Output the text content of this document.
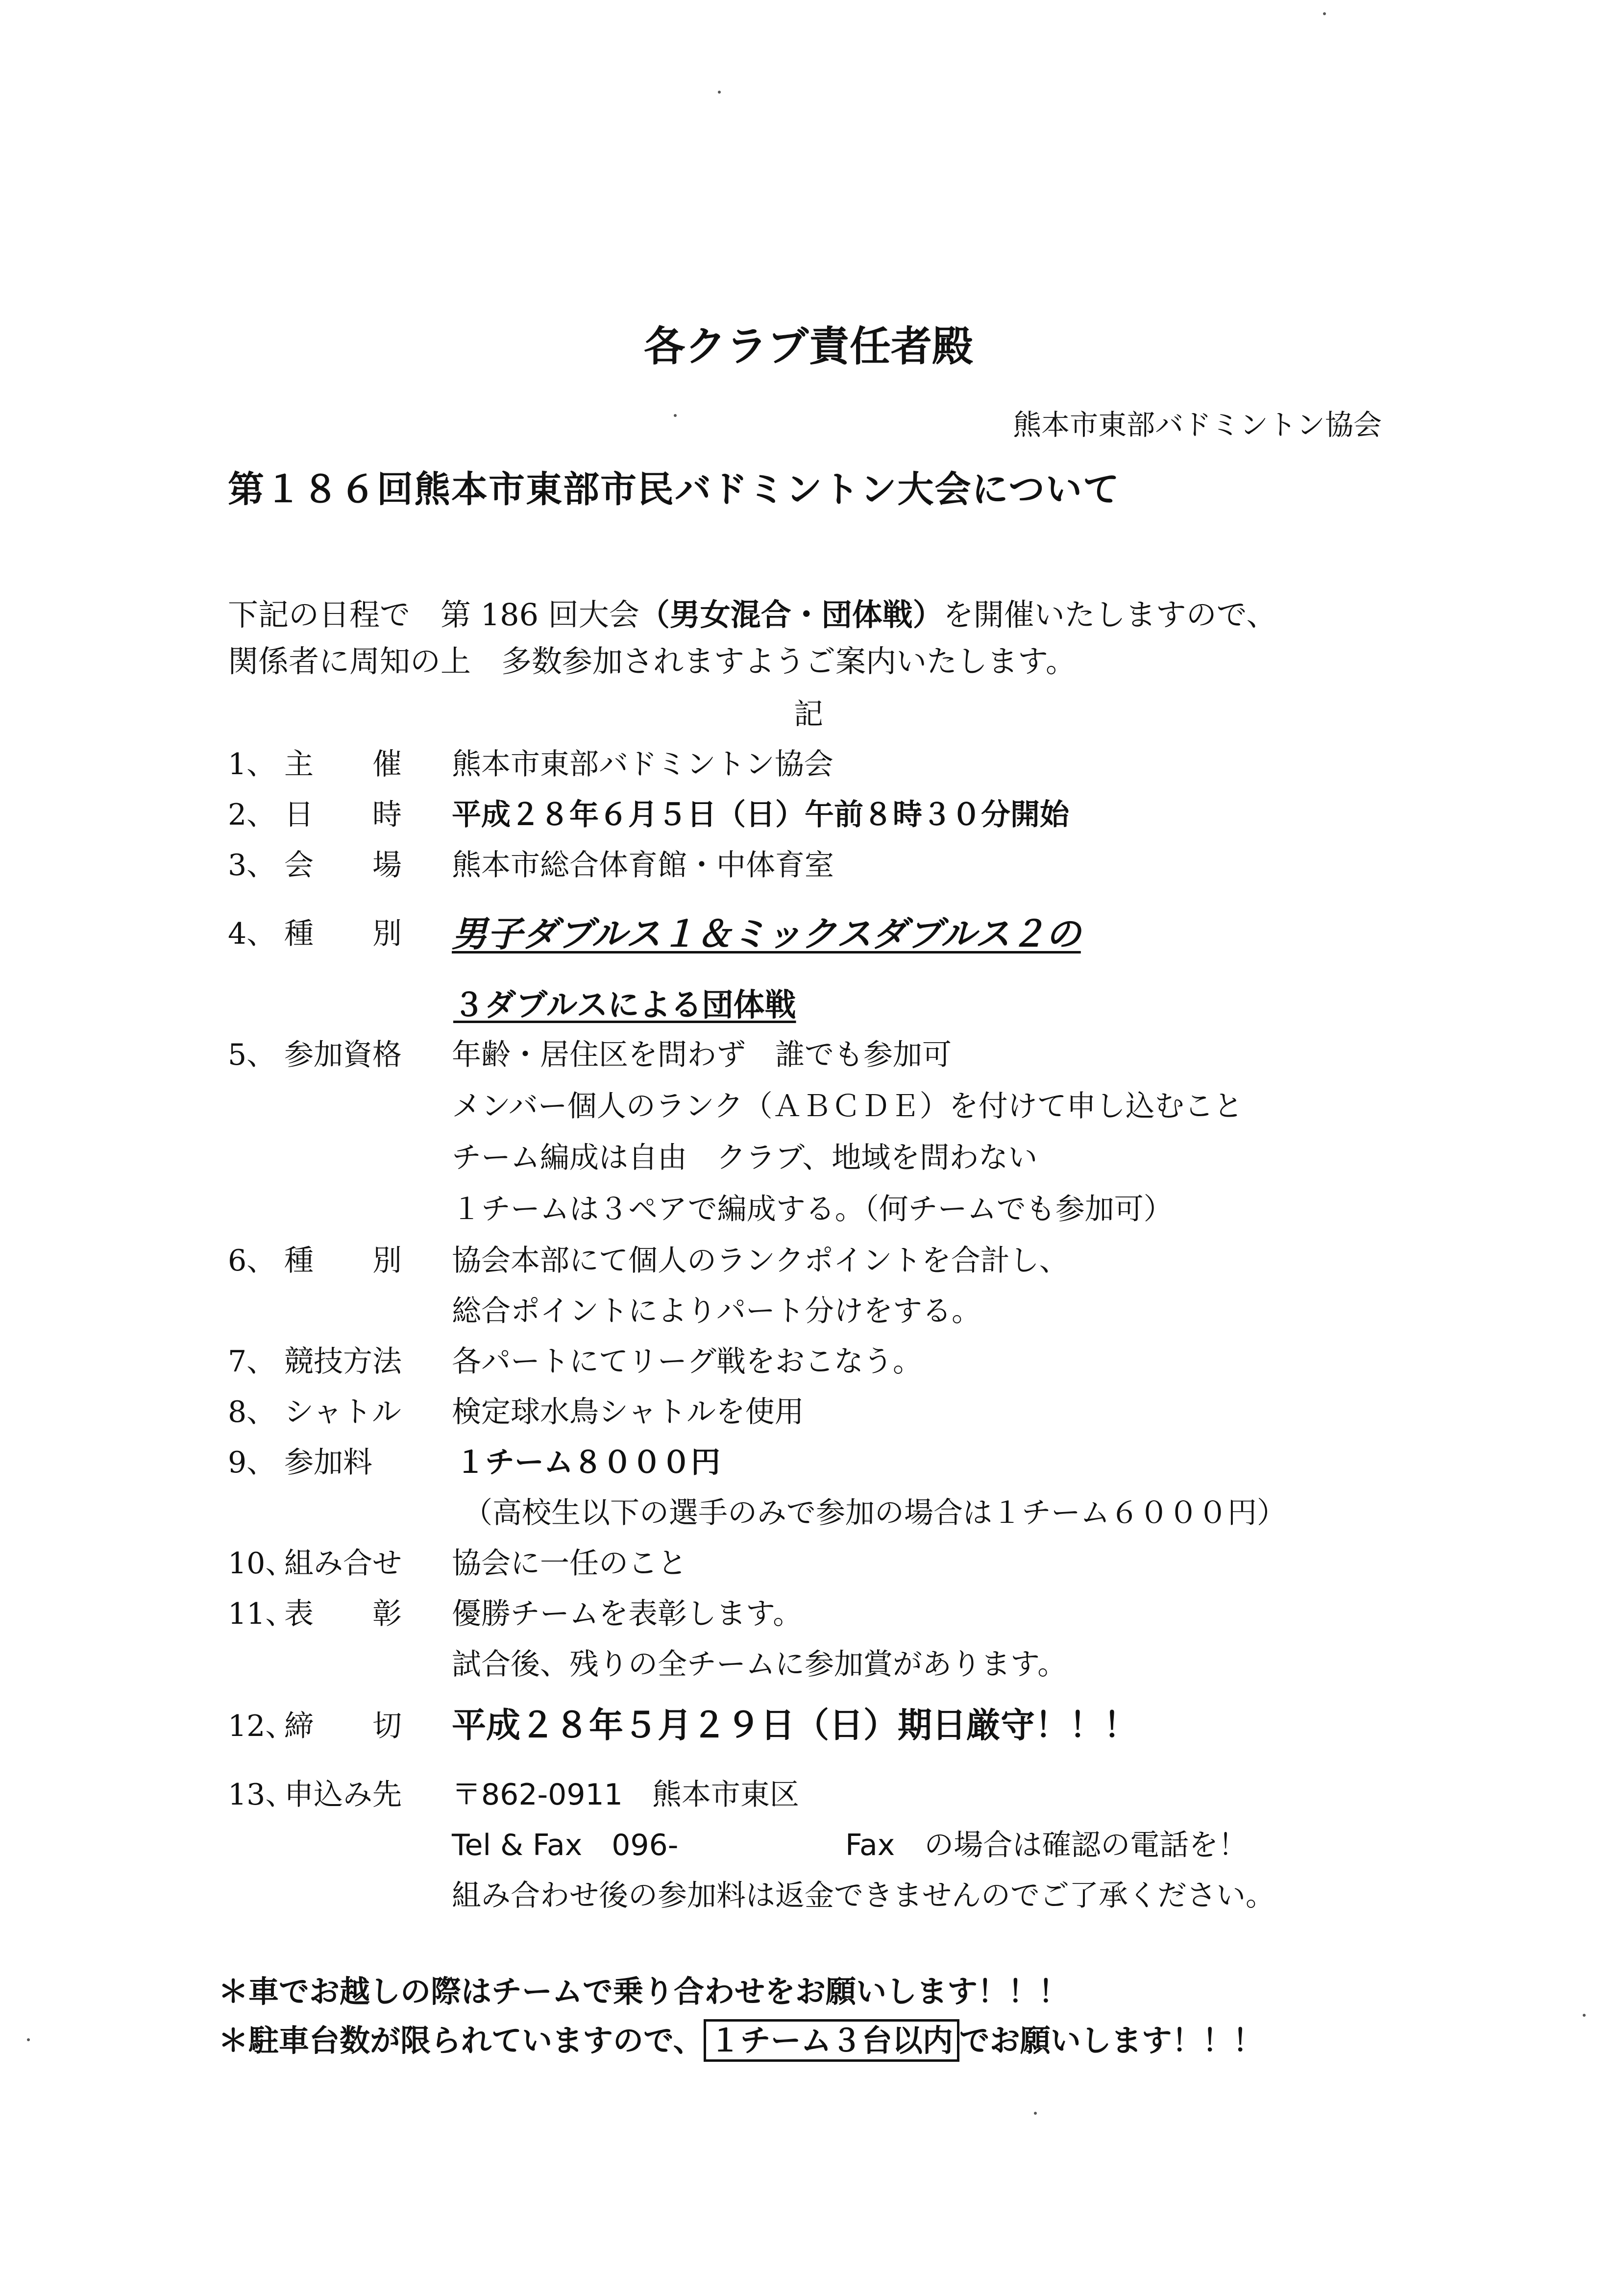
各クラブ責任者殿
熊本市東部バドミントン協会
第１８６回熊本市東部市民バドミントン大会について
下記の日程で　第 186 回大会（男女混合・団体戦）を開催いたしますので、
関係者に周知の上　多数参加されますようご案内いたします。
記
1、 主　　催	熊本市東部バドミントン協会
2、 日　　時	平成２８年６月５日（日）午前８時３０分開始
3、 会　　場	熊本市総合体育館・中体育室
4、 種　　別	男子ダブルス１＆ミックスダブルス２の
３ダブルスによる団体戦
5、 参加資格	年齢・居住区を問わず　誰でも参加可
メンバー個人のランク（ＡＢＣＤＥ）を付けて申し込むこと
チーム編成は自由　クラブ、地域を問わない
１チームは３ペアで編成する。（何チームでも参加可）
6、 種　　別	協会本部にて個人のランクポイントを合計し、
総合ポイントによりパート分けをする。
7、 競技方法	各パートにてリーグ戦をおこなう。
8、 シャトル	検定球水鳥シャトルを使用
9、 参加料	１チーム８０００円
（高校生以下の選手のみで参加の場合は１チーム６０００円）
10、組み合せ	協会に一任のこと
11、表　　彰	優勝チームを表彰します。
試合後、残りの全チームに参加賞があります。
12、締　　切	平成２８年５月２９日（日）期日厳守！！！
13、申込み先	〒862-0911　熊本市東区
Tel & Fax　096-	Fax　の場合は確認の電話を！
組み合わせ後の参加料は返金できませんのでご了承ください。
＊車でお越しの際はチームで乗り合わせをお願いします！！！
＊駐車台数が限られていますので、 １チーム３台以内 でお願いします！！！
